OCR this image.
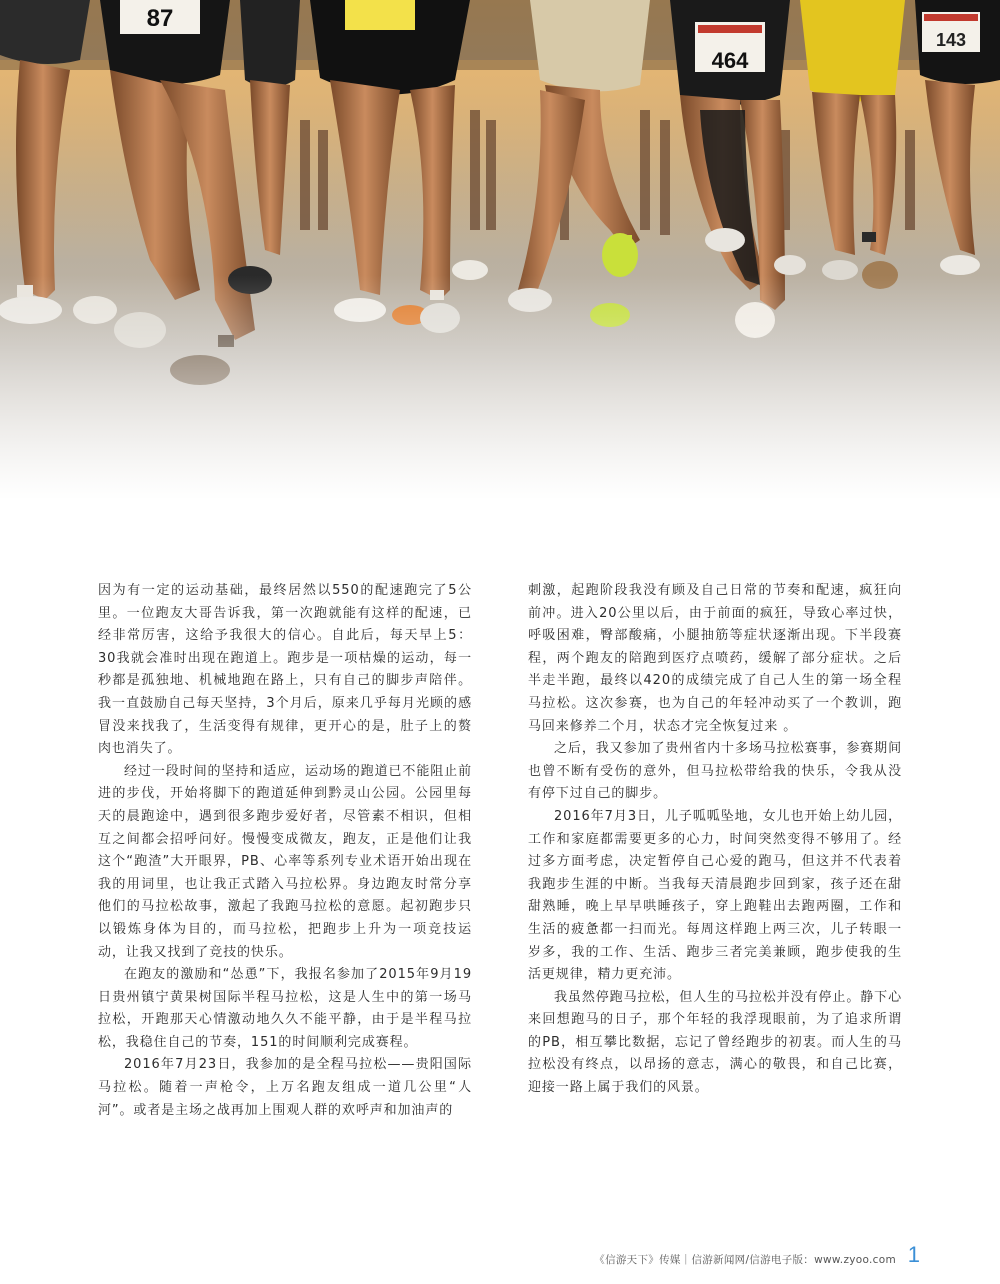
因为有一定的运动基础，最终居然以550的配速跑完了5公里。一位跑友大哥告诉我，第一次跑就能有这样的配速，已经非常厉害，这给予我很大的信心。自此后，每天早上5：30我就会准时出现在跑道上。跑步是一项枯燥的运动，每一秒都是孤独地、机械地跑在路上，只有自己的脚步声陪伴。我一直鼓励自己每天坚持，3个月后，原来几乎每月光顾的感冒没来找我了，生活变得有规律，更开心的是，肚子上的赘肉也消失了。

经过一段时间的坚持和适应，运动场的跑道已不能阻止前进的步伐，开始将脚下的跑道延伸到黔灵山公园。公园里每天的晨跑途中，遇到很多跑步爱好者，尽管素不相识，但相互之间都会招呼问好。慢慢变成微友，跑友，正是他们让我这个“跑渣”大开眼界，PB、心率等系列专业术语开始出现在我的用词里，也让我正式踏入马拉松界。身边跑友时常分享他们的马拉松故事，激起了我跑马拉松的意愿。起初跑步只以锻炼身体为目的，而马拉松，把跑步上升为一项竞技运动，让我又找到了竞技的快乐。

在跑友的激励和“怂恿”下，我报名参加了2015年9月19日贵州镇宁黄果树国际半程马拉松，这是人生中的第一场马拉松，开跑那天心情激动地久久不能平静，由于是半程马拉松，我稳住自己的节奏，151的时间顺利完成赛程。

2016年7月23日，我参加的是全程马拉松——贵阳国际马拉松。随着一声枪令，上万名跑友组成一道几公里“人河”。或者是主场之战再加上围观人群的欢呼声和加油声的

刺激，起跑阶段我没有顾及自己日常的节奏和配速，疯狂向前冲。进入20公里以后，由于前面的疯狂，导致心率过快，呼吸困难，臀部酸痛，小腿抽筋等症状逐渐出现。下半段赛程，两个跑友的陪跑到医疗点喷药，缓解了部分症状。之后半走半跑，最终以420的成绩完成了自己人生的第一场全程马拉松。这次参赛，也为自己的年轻冲动买了一个教训，跑马回来修养二个月，状态才完全恢复过来 。

之后，我又参加了贵州省内十多场马拉松赛事，参赛期间也曾不断有受伤的意外，但马拉松带给我的快乐，令我从没有停下过自己的脚步。

2016年7月3日，儿子呱呱坠地，女儿也开始上幼儿园，工作和家庭都需要更多的心力，时间突然变得不够用了。经过多方面考虑，决定暂停自己心爱的跑马，但这并不代表着我跑步生涯的中断。当我每天清晨跑步回到家，孩子还在甜甜熟睡，晚上早早哄睡孩子，穿上跑鞋出去跑两圈，工作和生活的疲惫都一扫而光。每周这样跑上两三次，儿子转眼一岁多，我的工作、生活、跑步三者完美兼顾，跑步使我的生活更规律，精力更充沛。

我虽然停跑马拉松，但人生的马拉松并没有停止。静下心来回想跑马的日子，那个年轻的我浮现眼前，为了追求所谓的PB，相互攀比数据，忘记了曾经跑步的初衷。而人生的马拉松没有终点，以昂扬的意志，满心的敬畏，和自己比赛，迎接一路上属于我们的风景。

《信游天下》传媒｜信游新闻网/信游电子版：www.zyoo.com 1
